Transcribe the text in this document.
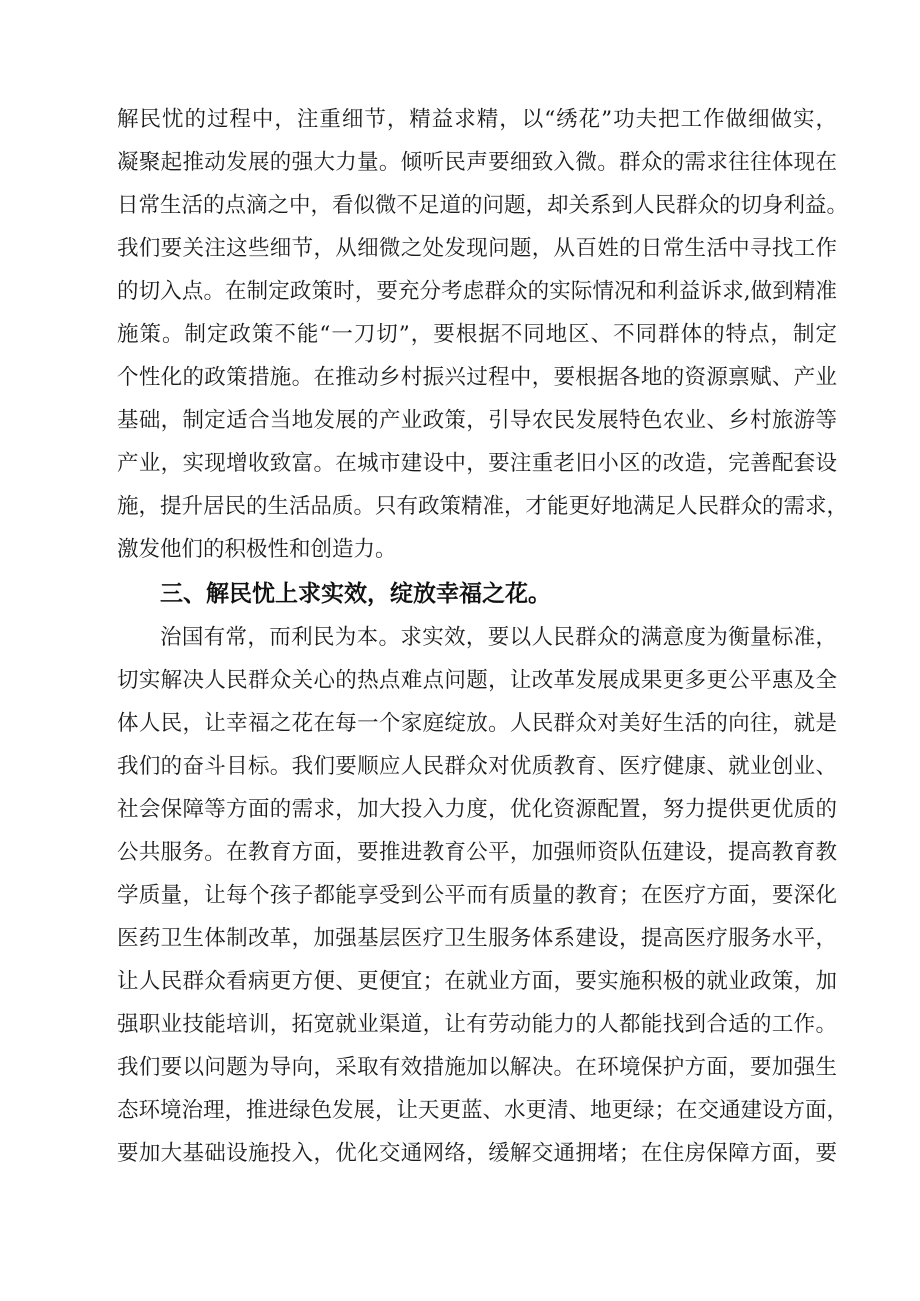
解民忧的过程中，注重细节，精益求精，以“绣花”功夫把工作做细做实，
凝聚起推动发展的强大力量。倾听民声要细致入微。群众的需求往往体现在
日常生活的点滴之中，看似微不足道的问题，却关系到人民群众的切身利益。
我们要关注这些细节，从细微之处发现问题，从百姓的日常生活中寻找工作
的切入点。在制定政策时，要充分考虑群众的实际情况和利益诉求,做到精准
施策。制定政策不能“一刀切”，要根据不同地区、不同群体的特点，制定
个性化的政策措施。在推动乡村振兴过程中，要根据各地的资源禀赋、产业
基础，制定适合当地发展的产业政策，引导农民发展特色农业、乡村旅游等
产业，实现增收致富。在城市建设中，要注重老旧小区的改造，完善配套设
施，提升居民的生活品质。只有政策精准，才能更好地满足人民群众的需求，
激发他们的积极性和创造力。
三、解民忧上求实效，绽放幸福之花。
治国有常，而利民为本。求实效，要以人民群众的满意度为衡量标准，
切实解决人民群众关心的热点难点问题，让改革发展成果更多更公平惠及全
体人民，让幸福之花在每一个家庭绽放。人民群众对美好生活的向往，就是
我们的奋斗目标。我们要顺应人民群众对优质教育、医疗健康、就业创业、
社会保障等方面的需求，加大投入力度，优化资源配置，努力提供更优质的
公共服务。在教育方面，要推进教育公平，加强师资队伍建设，提高教育教
学质量，让每个孩子都能享受到公平而有质量的教育；在医疗方面，要深化
医药卫生体制改革，加强基层医疗卫生服务体系建设，提高医疗服务水平，
让人民群众看病更方便、更便宜；在就业方面，要实施积极的就业政策，加
强职业技能培训，拓宽就业渠道，让有劳动能力的人都能找到合适的工作。
我们要以问题为导向，采取有效措施加以解决。在环境保护方面，要加强生
态环境治理，推进绿色发展，让天更蓝、水更清、地更绿；在交通建设方面，
要加大基础设施投入，优化交通网络，缓解交通拥堵；在住房保障方面，要
